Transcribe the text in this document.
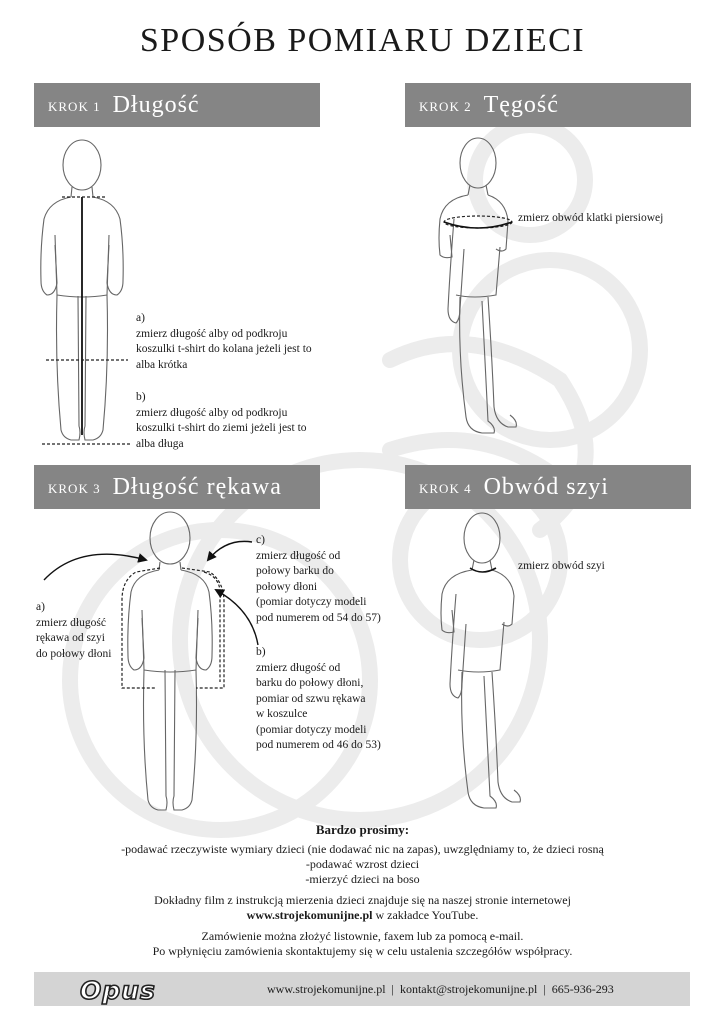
SPOSÓB POMIARU DZIECI
KROK 1 Długość	KROK 2 Tęgość
KROK 3 Długość rękawa	KROK 4 Obwód szyi
a)
zmierz długość alby od podkroju
koszulki t-shirt do kolana jeżeli jest to
alba krótka
b)
zmierz długość alby od podkroju
koszulki t-shirt do ziemi jeżeli jest to
alba długa
zmierz obwód klatki piersiowej
a)
zmierz długość
rękawa od szyi
do połowy dłoni
c)
zmierz długość od
połowy barku do
połowy dłoni
(pomiar dotyczy modeli
pod numerem od 54 do 57)
b)
zmierz długość od
barku do połowy dłoni,
pomiar od szwu rękawa
w koszulce
(pomiar dotyczy modeli
pod numerem od 46 do 53)
zmierz obwód szyi
Bardzo prosimy:
-podawać rzeczywiste wymiary dzieci (nie dodawać nic na zapas), uwzględniamy to, że dzieci rosną
-podawać wzrost dzieci
-mierzyć dzieci na boso
Dokładny film z instrukcją mierzenia dzieci znajduje się na naszej stronie internetowej
www.strojekomunijne.pl w zakładce YouTube.
Zamówienie można złożyć listownie, faxem lub za pomocą e-mail.
Po wpłynięciu zamówienia skontaktujemy się w celu ustalenia szczegółów współpracy.
Opus	www.strojekomunijne.pl  |  kontakt@strojekomunijne.pl  |  665-936-293
